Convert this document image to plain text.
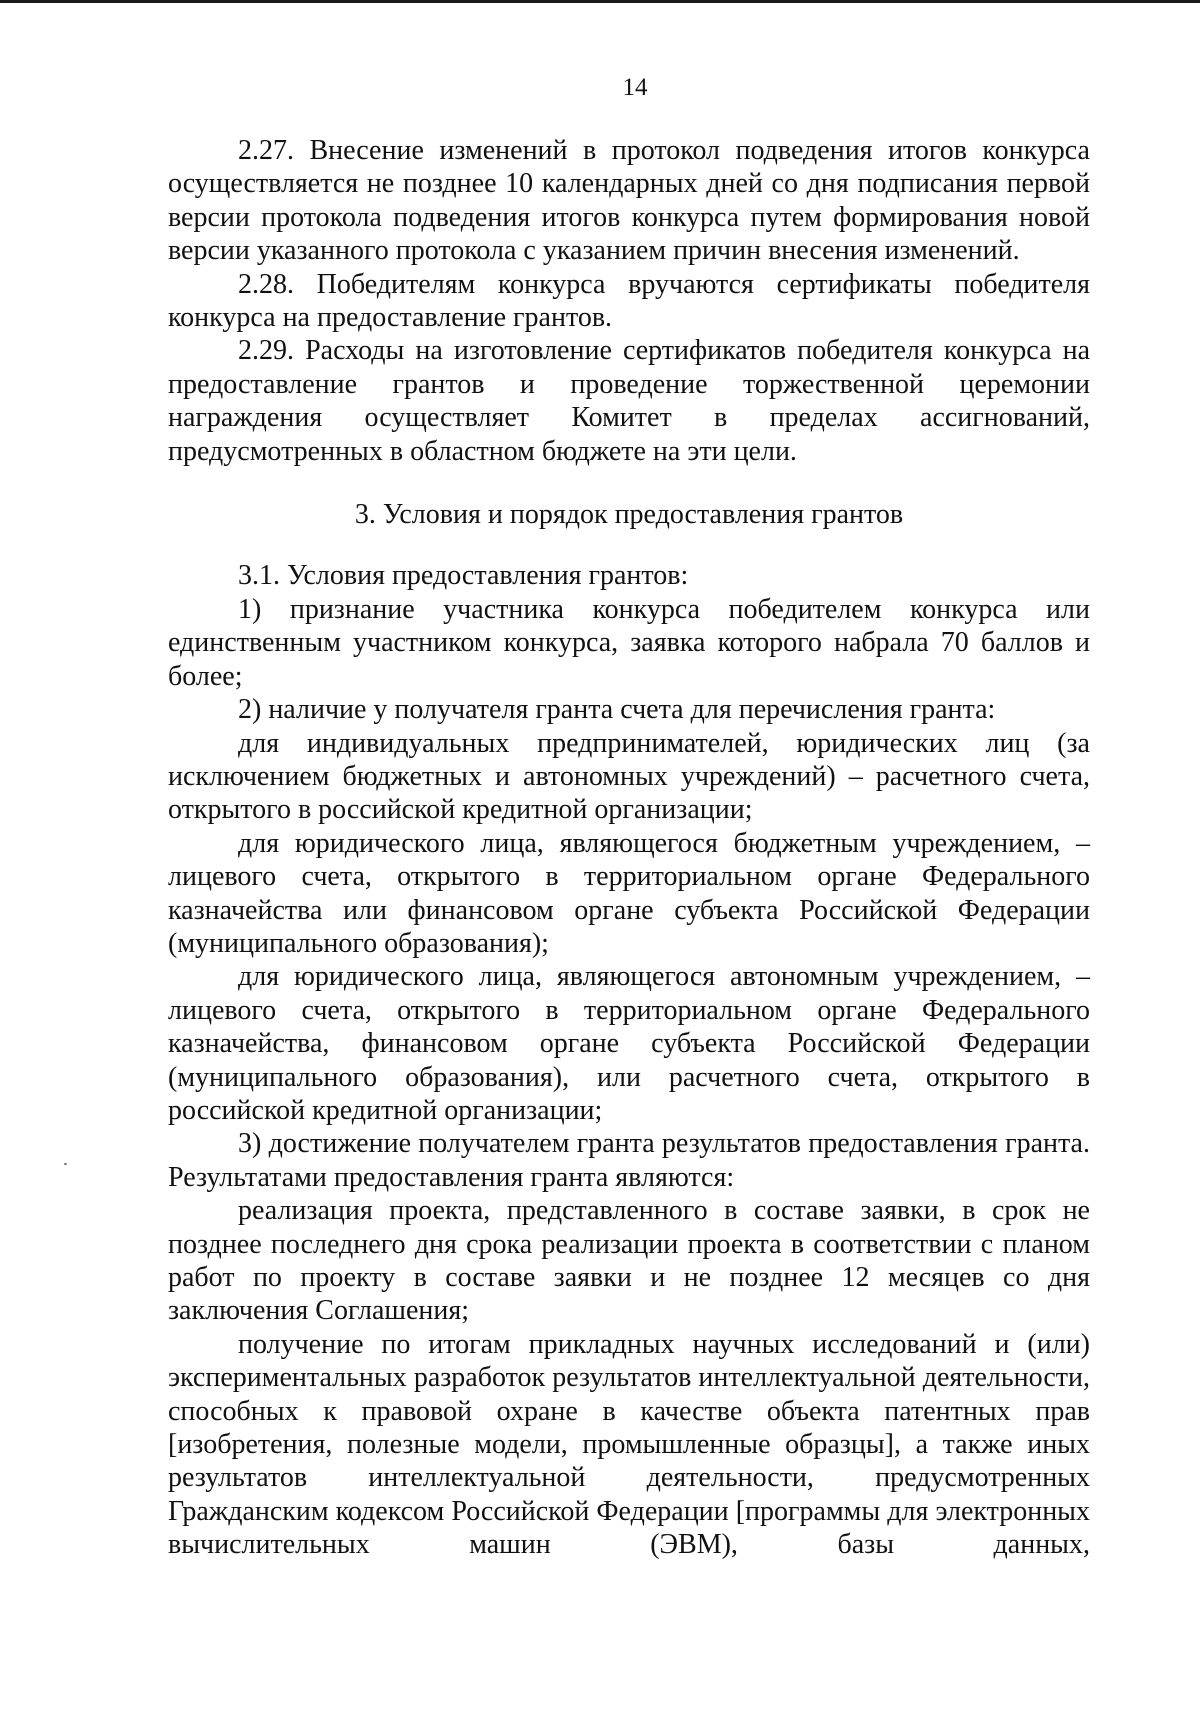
14

2.27. Внесение изменений в протокол подведения итогов конкурса осуществляется не позднее 10 календарных дней со дня подписания первой версии протокола подведения итогов конкурса путем формирования новой версии указанного протокола с указанием причин внесения изменений.

2.28. Победителям конкурса вручаются сертификаты победителя конкурса на предоставление грантов.

2.29. Расходы на изготовление сертификатов победителя конкурса на предоставление грантов и проведение торжественной церемонии награждения осуществляет Комитет в пределах ассигнований, предусмотренных в областном бюджете на эти цели.

3. Условия и порядок предоставления грантов

3.1. Условия предоставления грантов:

1) признание участника конкурса победителем конкурса или единственным участником конкурса, заявка которого набрала 70 баллов и более;

2) наличие у получателя гранта счета для перечисления гранта:

для индивидуальных предпринимателей, юридических лиц (за исключением бюджетных и автономных учреждений) – расчетного счета, открытого в российской кредитной организации;

для юридического лица, являющегося бюджетным учреждением, – лицевого счета, открытого в территориальном органе Федерального казначейства или финансовом органе субъекта Российской Федерации (муниципального образования);

для юридического лица, являющегося автономным учреждением, – лицевого счета, открытого в территориальном органе Федерального казначейства, финансовом органе субъекта Российской Федерации (муниципального образования), или расчетного счета, открытого в российской кредитной организации;

3) достижение получателем гранта результатов предоставления гранта. Результатами предоставления гранта являются:

реализация проекта, представленного в составе заявки, в срок не позднее последнего дня срока реализации проекта в соответствии с планом работ по проекту в составе заявки и не позднее 12 месяцев со дня заключения Соглашения;

получение по итогам прикладных научных исследований и (или) экспериментальных разработок результатов интеллектуальной деятельности, способных к правовой охране в качестве объекта патентных прав [изобретения, полезные модели, промышленные образцы], а также иных результатов интеллектуальной деятельности, предусмотренных Гражданским кодексом Российской Федерации [программы для электронных вычислительных машин (ЭВМ), базы данных,
